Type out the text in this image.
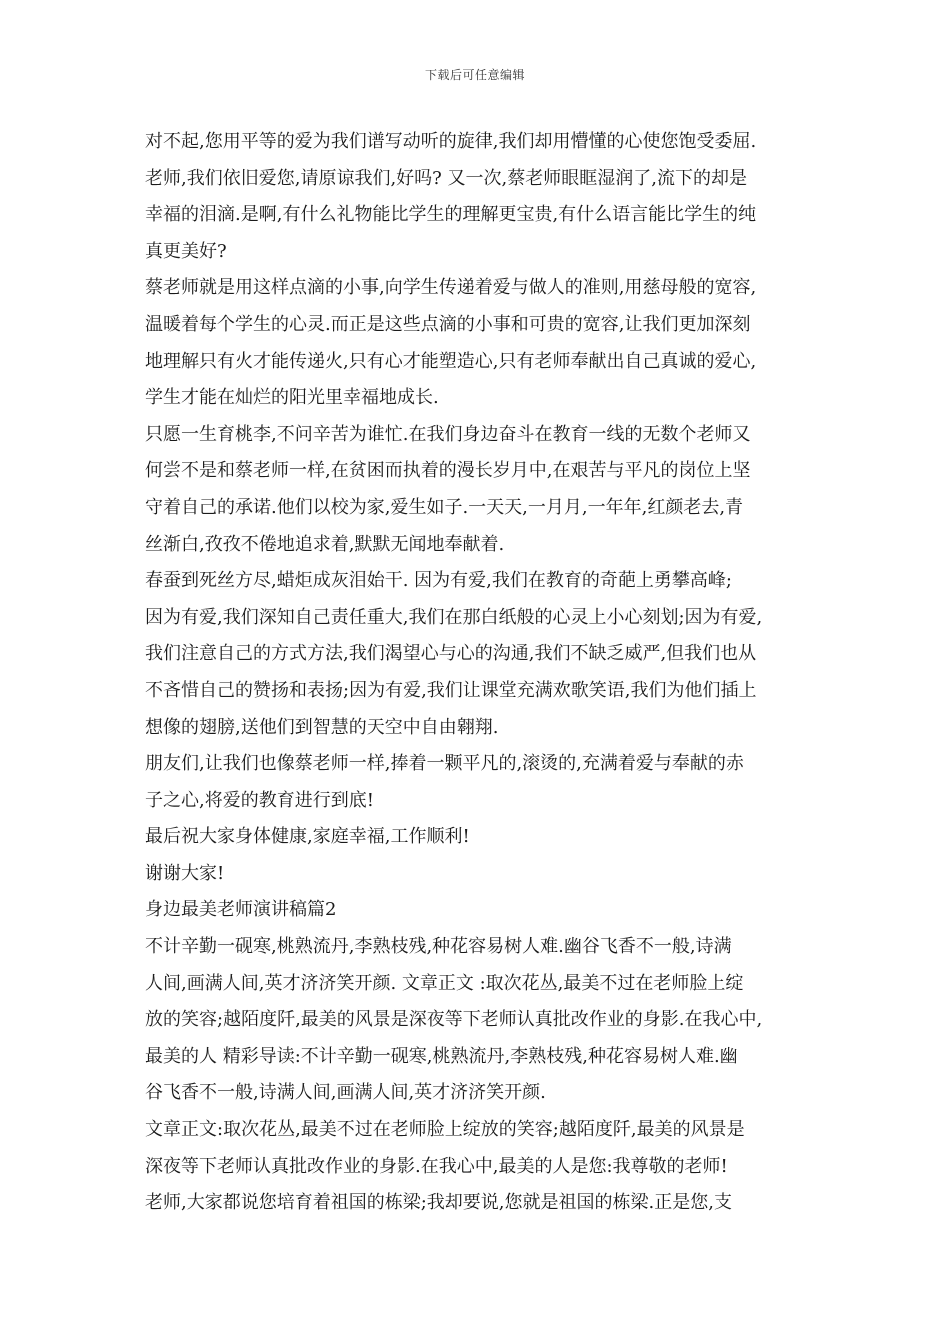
下载后可任意编辑
对不起,您用平等的爱为我们谱写动听的旋律,我们却用懵懂的心使您饱受委屈.
老师,我们依旧爱您,请原谅我们,好吗? 又一次,蔡老师眼眶湿润了,流下的却是
幸福的泪滴.是啊,有什么礼物能比学生的理解更宝贵,有什么语言能比学生的纯
真更美好?
蔡老师就是用这样点滴的小事,向学生传递着爱与做人的准则,用慈母般的宽容,
温暖着每个学生的心灵.而正是这些点滴的小事和可贵的宽容,让我们更加深刻
地理解只有火才能传递火,只有心才能塑造心,只有老师奉献出自己真诚的爱心,
学生才能在灿烂的阳光里幸福地成长.
只愿一生育桃李,不问辛苦为谁忙.在我们身边奋斗在教育一线的无数个老师又
何尝不是和蔡老师一样,在贫困而执着的漫长岁月中,在艰苦与平凡的岗位上坚
守着自己的承诺.他们以校为家,爱生如子.一天天,一月月,一年年,红颜老去,青
丝渐白,孜孜不倦地追求着,默默无闻地奉献着.
春蚕到死丝方尽,蜡炬成灰泪始干. 因为有爱,我们在教育的奇葩上勇攀高峰;
因为有爱,我们深知自己责任重大,我们在那白纸般的心灵上小心刻划;因为有爱,
我们注意自己的方式方法,我们渴望心与心的沟通,我们不缺乏威严,但我们也从
不吝惜自己的赞扬和表扬;因为有爱,我们让课堂充满欢歌笑语,我们为他们插上
想像的翅膀,送他们到智慧的天空中自由翱翔.
朋友们,让我们也像蔡老师一样,捧着一颗平凡的,滚烫的,充满着爱与奉献的赤
子之心,将爱的教育进行到底!
最后祝大家身体健康,家庭幸福,工作顺利!
谢谢大家!
身边最美老师演讲稿篇2
不计辛勤一砚寒,桃熟流丹,李熟枝残,种花容易树人难.幽谷飞香不一般,诗满
人间,画满人间,英才济济笑开颜. 文章正文 :取次花丛,最美不过在老师脸上绽
放的笑容;越陌度阡,最美的风景是深夜等下老师认真批改作业的身影.在我心中,
最美的人 精彩导读:不计辛勤一砚寒,桃熟流丹,李熟枝残,种花容易树人难.幽
谷飞香不一般,诗满人间,画满人间,英才济济笑开颜.
文章正文:取次花丛,最美不过在老师脸上绽放的笑容;越陌度阡,最美的风景是
深夜等下老师认真批改作业的身影.在我心中,最美的人是您:我尊敬的老师!
老师,大家都说您培育着祖国的栋梁;我却要说,您就是祖国的栋梁.正是您,支
